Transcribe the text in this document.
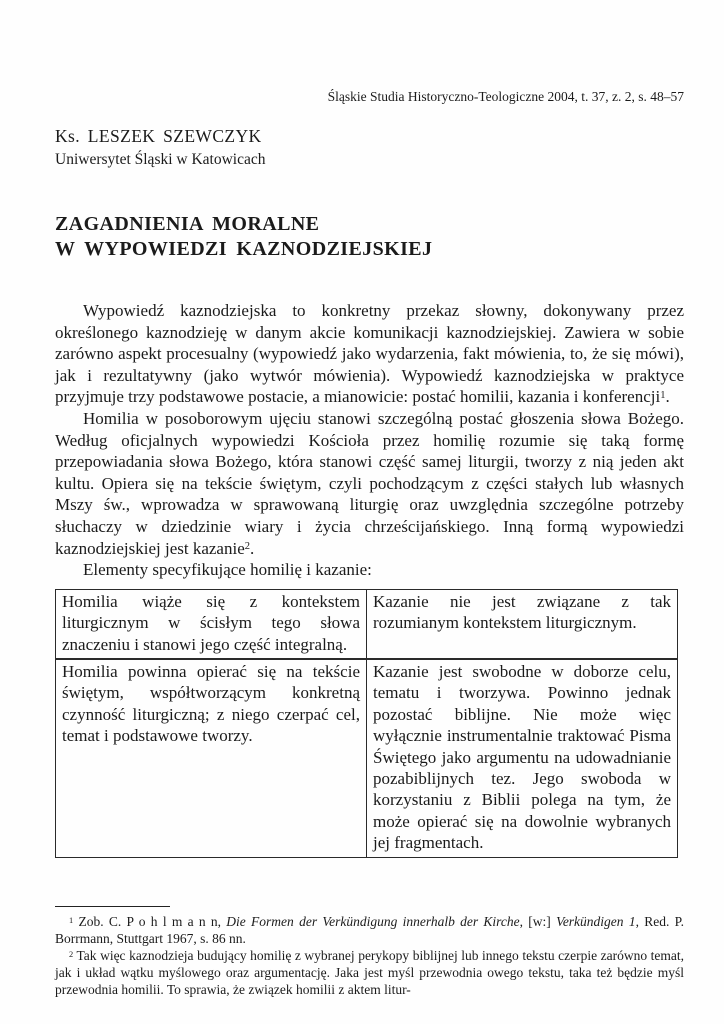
Śląskie Studia Historyczno-Teologiczne 2004, t. 37, z. 2, s. 48–57
Ks. LESZEK SZEWCZYK
Uniwersytet Śląski w Katowicach
ZAGADNIENIA MORALNE
W WYPOWIEDZI KAZNODZIEJSKIEJ

Wypowiedź kaznodziejska to konkretny przekaz słowny, dokonywany przez określonego kaznodzieję w danym akcie komunikacji kaznodziejskiej. Zawiera w sobie zarówno aspekt procesualny (wypowiedź jako wydarzenia, fakt mówienia, to, że się mówi), jak i rezultatywny (jako wytwór mówienia). Wypowiedź kaznodziejska w praktyce przyjmuje trzy podstawowe postacie, a mianowicie: postać homilii, kazania i konferencji$^1$.

Homilia w posoborowym ujęciu stanowi szczególną postać głoszenia słowa Bożego. Według oficjalnych wypowiedzi Kościoła przez homilię rozumie się taką formę przepowiadania słowa Bożego, która stanowi część samej liturgii, tworzy z nią jeden akt kultu. Opiera się na tekście świętym, czyli pochodzącym z części stałych lub własnych Mszy św., wprowadza w sprawowaną liturgię oraz uwzględnia szczególne potrzeby słuchaczy w dziedzinie wiary i życia chrześcijańskiego. Inną formą wypowiedzi kaznodziejskiej jest kazanie$^2$.

Elementy specyfikujące homilię i kazanie:

Homilia wiąże się z kontekstem liturgicznym w ścisłym tego słowa znaczeniu i stanowi jego część integralną.	Kazanie nie jest związane z tak rozumianym kontekstem liturgicznym.
Homilia powinna opierać się na tekście świętym, współtworzącym konkretną czynność liturgiczną; z niego czerpać cel, temat i podstawowe tworzy.	Kazanie jest swobodne w doborze celu, tematu i tworzywa. Powinno jednak pozostać biblijne. Nie może więc wyłącznie instrumentalnie traktować Pisma Świętego jako argumentu na udowadnianie pozabiblijnych tez. Jego swoboda w korzystaniu z Biblii polega na tym, że może opierać się na dowolnie wybranych jej fragmentach.

$^1$ Zob. C. P o h l m a n n, Die Formen der Verkündigung innerhalb der Kirche, [w:] Verkündigen 1, Red. P. Borrmann, Stuttgart 1967, s. 86 nn.

$^2$ Tak więc kaznodzieja budujący homilię z wybranej perykopy biblijnej lub innego tekstu czerpie zarówno temat, jak i układ wątku myślowego oraz argumentację. Jaka jest myśl przewodnia owego tekstu, taka też będzie myśl przewodnia homilii. To sprawia, że związek homilii z aktem litur-
